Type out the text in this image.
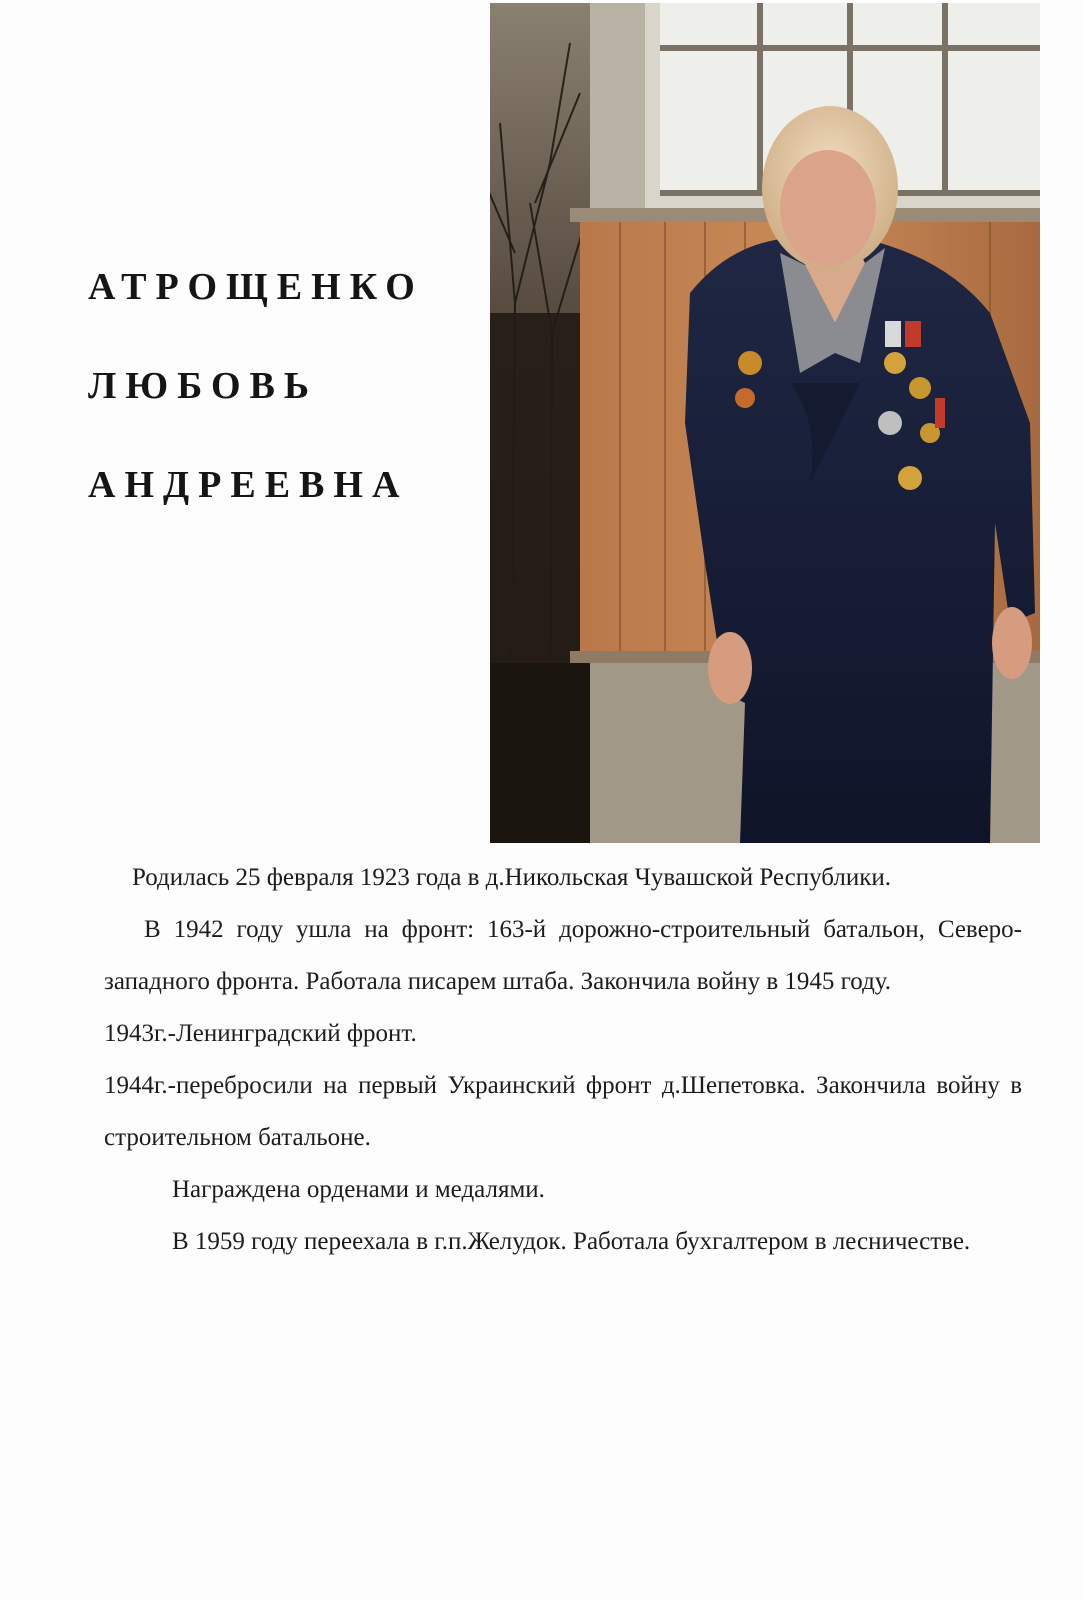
АТРОЩЕНКО
ЛЮБОВЬ
АНДРЕЕВНА

Родилась 25 февраля 1923 года в д.Никольская Чувашской Республики.

В 1942 году ушла на фронт: 163-й дорожно-строительный батальон, Северо-западного фронта. Работала писарем штаба. Закончила войну в 1945 году.

1943г.-Ленинградский фронт.

1944г.-перебросили на первый Украинский фронт д.Шепетовка. Закончила войну в строительном батальоне.

Награждена орденами и медалями.

В 1959 году переехала в г.п.Желудок. Работала бухгалтером в лесничестве.
